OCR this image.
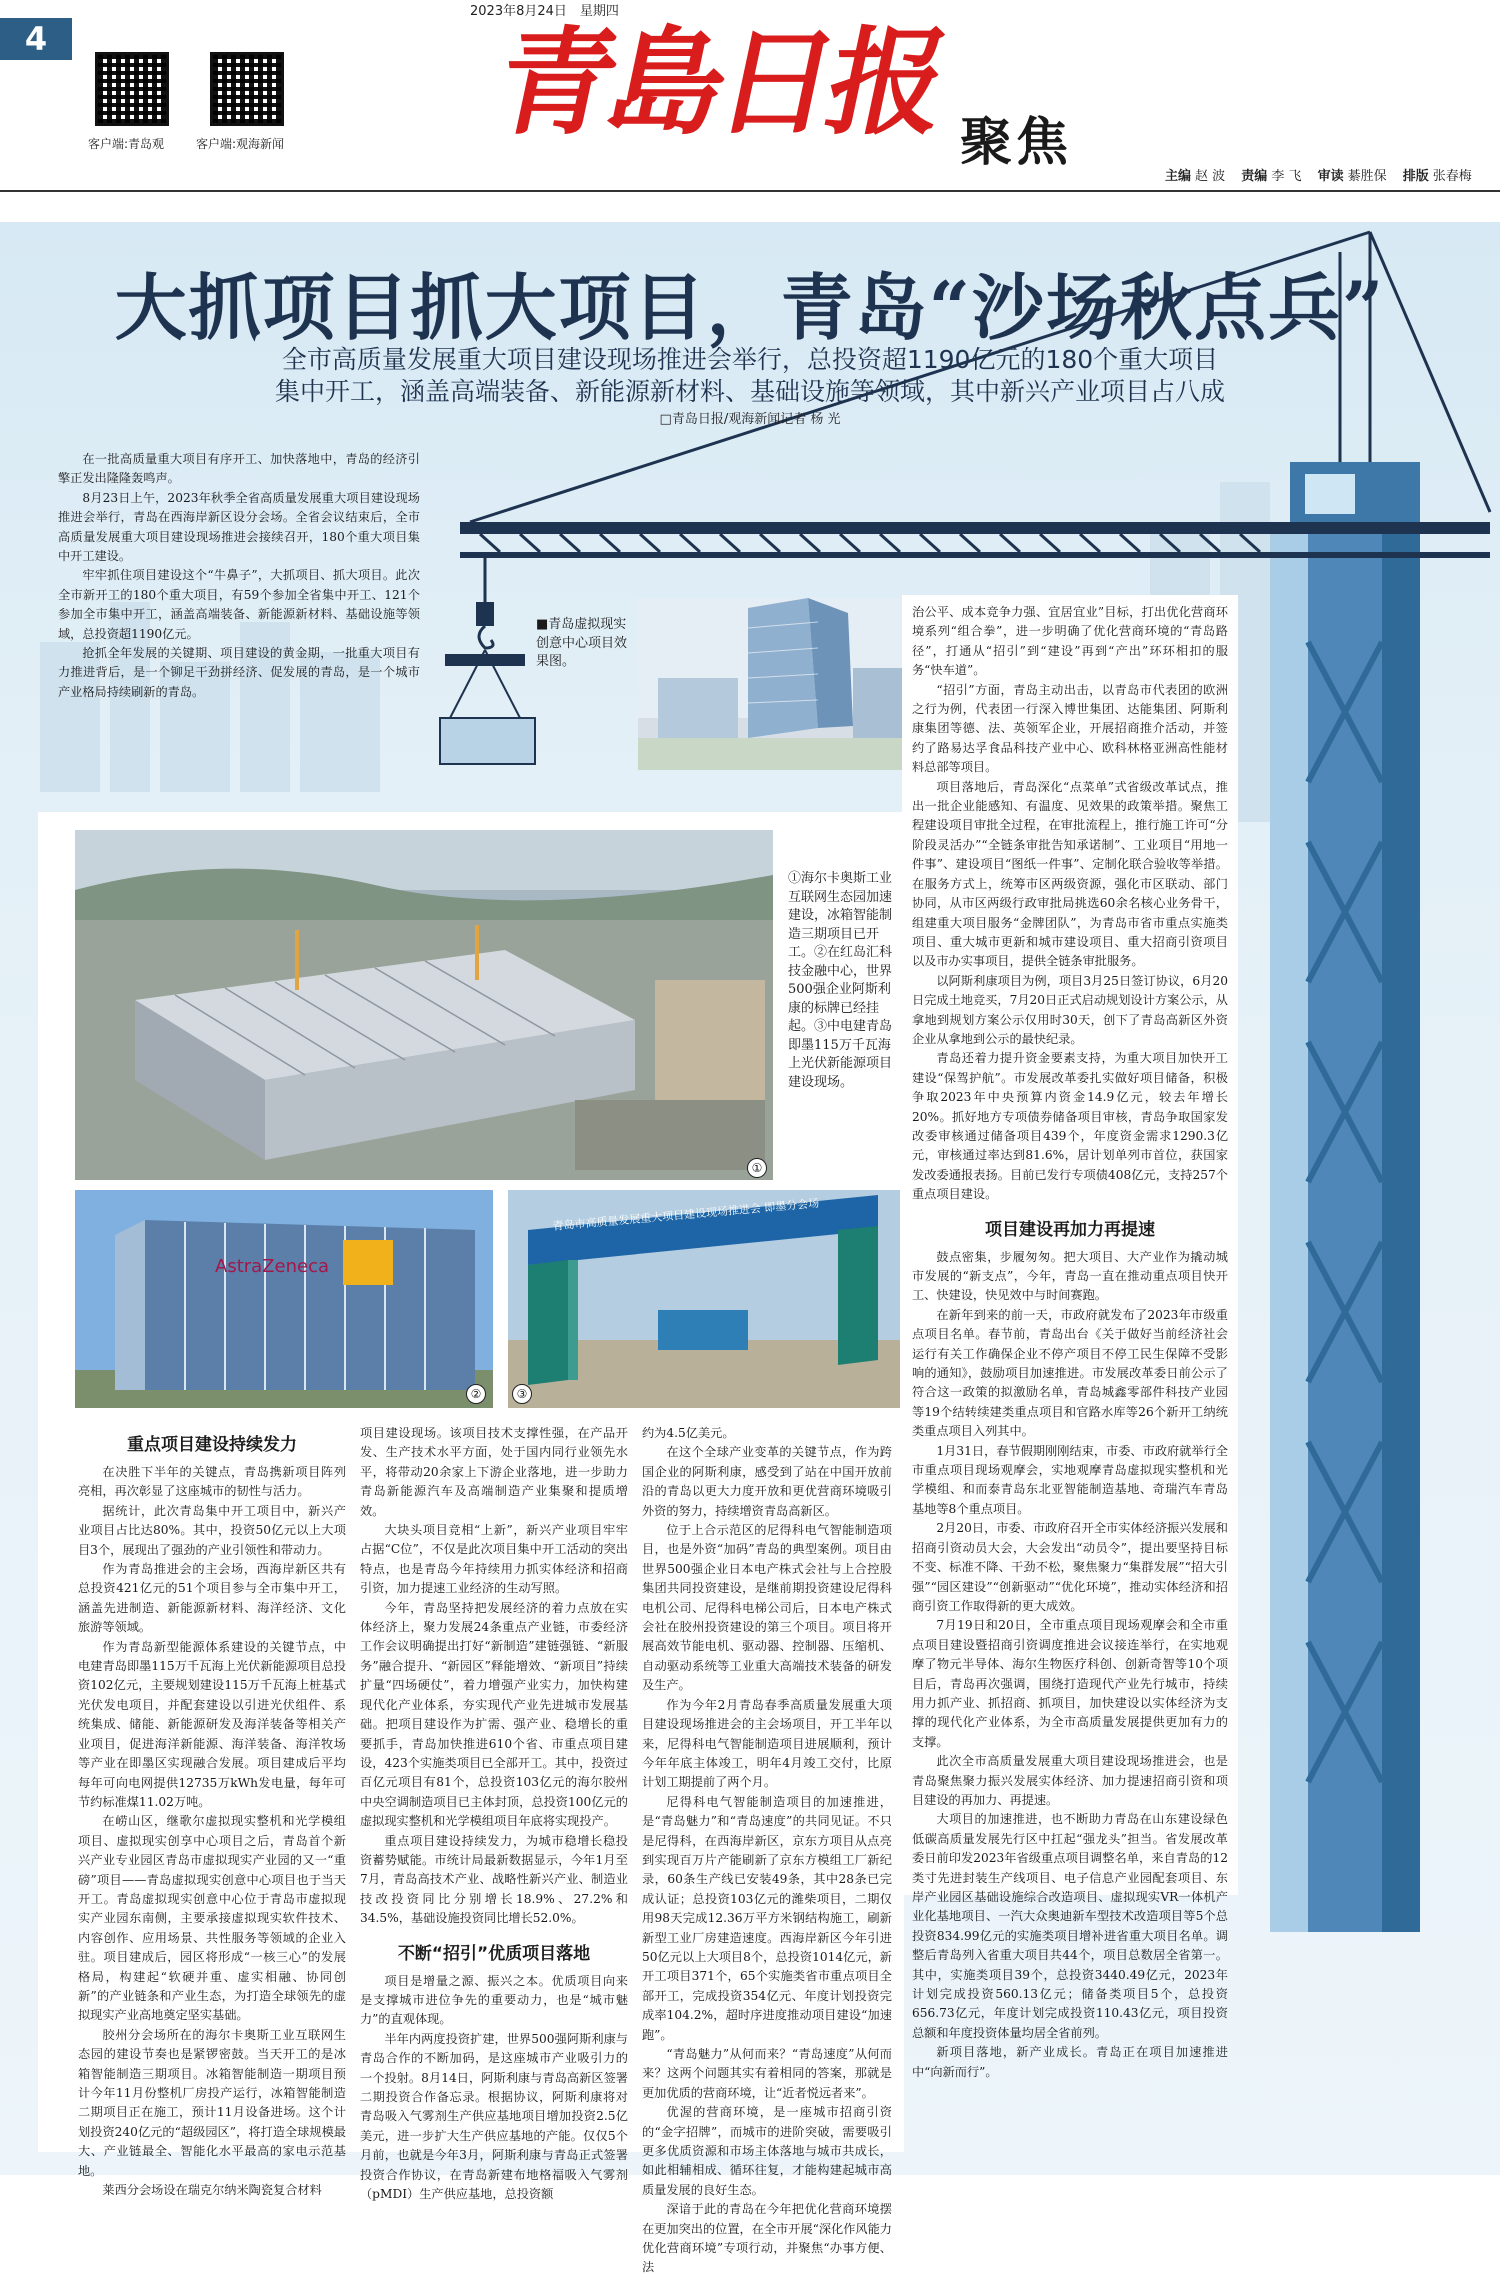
4
2023年8月24日　星期四
客户端:青岛观	客户端:观海新闻 青島日报 聚焦
主编 赵 波 责编 李 飞 审读 綦胜保 排版 张春梅
大抓项目抓大项目，青岛“沙场秋点兵”
全市高质量发展重大项目建设现场推进会举行，总投资超1190亿元的180个重大项目
集中开工，涵盖高端装备、新能源新材料、基础设施等领域，其中新兴产业项目占八成
□青岛日报/观海新闻记者 杨 光

在一批高质量重大项目有序开工、加快落地中，青岛的经济引擎正发出隆隆轰鸣声。

8月23日上午，2023年秋季全省高质量发展重大项目建设现场推进会举行，青岛在西海岸新区设分会场。全省会议结束后，全市高质量发展重大项目建设现场推进会接续召开，180个重大项目集中开工建设。

牢牢抓住项目建设这个“牛鼻子”，大抓项目、抓大项目。此次全市新开工的180个重大项目，有59个参加全省集中开工、121个参加全市集中开工，涵盖高端装备、新能源新材料、基础设施等领域，总投资超1190亿元。

抢抓全年发展的关键期、项目建设的黄金期，一批重大项目有力推进背后，是一个铆足干劲拼经济、促发展的青岛，是一个城市产业格局持续刷新的青岛。

■青岛虚拟现实创意中心项目效果图。

治公平、成本竞争力强、宜居宜业”目标，打出优化营商环境系列“组合拳”，进一步明确了优化营商环境的“青岛路径”，打通从“招引”到“建设”再到“产出”环环相扣的服务“快车道”。

“招引”方面，青岛主动出击，以青岛市代表团的欧洲之行为例，代表团一行深入博世集团、达能集团、阿斯利康集团等德、法、英领军企业，开展招商推介活动，并签约了路易达孚食品科技产业中心、欧科林格亚洲高性能材料总部等项目。

项目落地后，青岛深化“点菜单”式省级改革试点，推出一批企业能感知、有温度、见效果的政策举措。聚焦工程建设项目审批全过程，在审批流程上，推行施工许可“分阶段灵活办”“全链条审批告知承诺制”、工业项目“用地一件事”、建设项目“图纸一件事”、定制化联合验收等举措。在服务方式上，统筹市区两级资源，强化市区联动、部门协同，从市区两级行政审批局挑选60余名核心业务骨干，组建重大项目服务“金牌团队”，为青岛市省市重点实施类项目、重大城市更新和城市建设项目、重大招商引资项目以及市办实事项目，提供全链条审批服务。

以阿斯利康项目为例，项目3月25日签订协议，6月20日完成土地竞买，7月20日正式启动规划设计方案公示，从拿地到规划方案公示仅用时30天，创下了青岛高新区外资企业从拿地到公示的最快纪录。

青岛还着力提升资金要素支持，为重大项目加快开工建设“保驾护航”。市发展改革委扎实做好项目储备，积极争取2023年中央预算内资金14.9亿元，较去年增长20%。抓好地方专项债券储备项目审核，青岛争取国家发改委审核通过储备项目439个，年度资金需求1290.3亿元，审核通过率达到81.6%，居计划单列市首位，获国家发改委通报表扬。目前已发行专项债408亿元，支持257个重点项目建设。

项目建设再加力再提速

鼓点密集，步履匆匆。把大项目、大产业作为撬动城市发展的“新支点”，今年，青岛一直在推动重点项目快开工、快建设，快见效中与时间赛跑。

在新年到来的前一天，市政府就发布了2023年市级重点项目名单。春节前，青岛出台《关于做好当前经济社会运行有关工作确保企业不停产项目不停工民生保障不受影响的通知》，鼓励项目加速推进。市发展改革委日前公示了符合这一政策的拟激励名单，青岛城鑫零部件科技产业园等19个结转续建类重点项目和官路水库等26个新开工纳统类重点项目入列其中。

1月31日，春节假期刚刚结束，市委、市政府就举行全市重点项目现场观摩会，实地观摩青岛虚拟现实整机和光学模组、和而泰青岛东北亚智能制造基地、奇瑞汽车青岛基地等8个重点项目。

2月20日，市委、市政府召开全市实体经济振兴发展和招商引资动员大会，大会发出“动员令”，提出要坚持目标不变、标准不降、干劲不松，聚焦聚力“集群发展”“招大引强”“园区建设”“创新驱动”“优化环境”，推动实体经济和招商引资工作取得新的更大成效。

7月19日和20日，全市重点项目现场观摩会和全市重点项目建设暨招商引资调度推进会议接连举行，在实地观摩了物元半导体、海尔生物医疗科创、创新奇智等10个项目后，青岛再次强调，围绕打造现代产业先行城市，持续用力抓产业、抓招商、抓项目，加快建设以实体经济为支撑的现代化产业体系，为全市高质量发展提供更加有力的支撑。

此次全市高质量发展重大项目建设现场推进会，也是青岛聚焦聚力振兴发展实体经济、加力提速招商引资和项目建设的再加力、再提速。

大项目的加速推进，也不断助力青岛在山东建设绿色低碳高质量发展先行区中扛起“强龙头”担当。省发展改革委日前印发2023年省级重点项目调整名单，来自青岛的12类寸先进封装生产线项目、电子信息产业园配套项目、东岸产业园区基础设施综合改造项目、虚拟现实VR一体机产业化基地项目、一汽大众奥迪新车型技术改造项目等5个总投资834.99亿元的实施类项目增补进省重大项目名单。调整后青岛列入省重大项目共44个，项目总数居全省第一。其中，实施类项目39个，总投资3440.49亿元，2023年计划完成投资560.13亿元；储备类项目5个，总投资656.73亿元，年度计划完成投资110.43亿元，项目投资总额和年度投资体量均居全省前列。

新项目落地，新产业成长。青岛正在项目加速推进中“向新而行”。

①
①海尔卡奥斯工业互联网生态园加速建设，冰箱智能制造三期项目已开工。②在红岛汇科技金融中心，世界500强企业阿斯利康的标牌已经挂起。③中电建青岛即墨115万千瓦海上光伏新能源项目建设现场。
AstraZeneca
②
青岛市高质量发展重大项目建设现场推进会 即墨分会场
③
重点项目建设持续发力

在决胜下半年的关键点，青岛携新项目阵列亮相，再次彰显了这座城市的韧性与活力。

据统计，此次青岛集中开工项目中，新兴产业项目占比达80%。其中，投资50亿元以上大项目3个，展现出了强劲的产业引领性和带动力。

作为青岛推进会的主会场，西海岸新区共有总投资421亿元的51个项目参与全市集中开工，涵盖先进制造、新能源新材料、海洋经济、文化旅游等领域。

作为青岛新型能源体系建设的关键节点，中电建青岛即墨115万千瓦海上光伏新能源项目总投资102亿元，主要规划建设115万千瓦海上桩基式光伏发电项目，并配套建设以引进光伏组件、系统集成、储能、新能源研发及海洋装备等相关产业项目，促进海洋新能源、海洋装备、海洋牧场等产业在即墨区实现融合发展。项目建成后平均每年可向电网提供12735万kWh发电量，每年可节约标准煤11.02万吨。

在崂山区，继歌尔虚拟现实整机和光学模组项目、虚拟现实创享中心项目之后，青岛首个新兴产业专业园区青岛市虚拟现实产业园的又一“重磅”项目——青岛虚拟现实创意中心项目也于当天开工。青岛虚拟现实创意中心位于青岛市虚拟现实产业园东南侧，主要承接虚拟现实软件技术、内容创作、应用场景、共性服务等领域的企业入驻。项目建成后，园区将形成“一核三心”的发展格局，构建起“软硬并重、虚实相融、协同创新”的产业链条和产业生态，为打造全球领先的虚拟现实产业高地奠定坚实基础。

胶州分会场所在的海尔卡奥斯工业互联网生态园的建设节奏也是紧锣密鼓。当天开工的是冰箱智能制造三期项目。冰箱智能制造一期项目预计今年11月份整机厂房投产运行，冰箱智能制造二期项目正在施工，预计11月设备进场。这个计划投资240亿元的“超级园区”，将打造全球规模最大、产业链最全、智能化水平最高的家电示范基地。

莱西分会场设在瑞克尔纳米陶瓷复合材料

项目建设现场。该项目技术支撑性强，在产品开发、生产技术水平方面，处于国内同行业领先水平，将带动20余家上下游企业落地，进一步助力青岛新能源汽车及高端制造产业集聚和提质增效。

大块头项目竞相“上新”，新兴产业项目牢牢占据“C位”，不仅是此次项目集中开工活动的突出特点，也是青岛今年持续用力抓实体经济和招商引资，加力提速工业经济的生动写照。

今年，青岛坚持把发展经济的着力点放在实体经济上，聚力发展24条重点产业链，市委经济工作会议明确提出打好“新制造”建链强链、“新服务”融合提升、“新园区”释能增效、“新项目”持续扩量“四场硬仗”，着力增强产业实力，加快构建现代化产业体系，夯实现代产业先进城市发展基础。把项目建设作为扩需、强产业、稳增长的重要抓手，青岛加快推进610个省、市重点项目建设，423个实施类项目已全部开工。其中，投资过百亿元项目有81个，总投资103亿元的海尔胶州中央空调制造项目已主体封顶，总投资100亿元的虚拟现实整机和光学模组项目年底将实现投产。

重点项目建设持续发力，为城市稳增长稳投资蓄势赋能。市统计局最新数据显示，今年1月至7月，青岛高技术产业、战略性新兴产业、制造业技改投资同比分别增长18.9%、27.2%和34.5%，基础设施投资同比增长52.0%。

不断“招引”优质项目落地

项目是增量之源、振兴之本。优质项目向来是支撑城市进位争先的重要动力，也是“城市魅力”的直观体现。

半年内两度投资扩建，世界500强阿斯利康与青岛合作的不断加码，是这座城市产业吸引力的一个投射。8月14日，阿斯利康与青岛高新区签署二期投资合作备忘录。根据协议，阿斯利康将对青岛吸入气雾剂生产供应基地项目增加投资2.5亿美元，进一步扩大生产供应基地的产能。仅仅5个月前，也就是今年3月，阿斯利康与青岛正式签署投资合作协议，在青岛新建布地格福吸入气雾剂（pMDI）生产供应基地，总投资额

约为4.5亿美元。

在这个全球产业变革的关键节点，作为跨国企业的阿斯利康，感受到了站在中国开放前沿的青岛以更大力度开放和更优营商环境吸引外资的努力，持续增资青岛高新区。

位于上合示范区的尼得科电气智能制造项目，也是外资“加码”青岛的典型案例。项目由世界500强企业日本电产株式会社与上合控股集团共同投资建设，是继前期投资建设尼得科电机公司、尼得科电梯公司后，日本电产株式会社在胶州投资建设的第三个项目。项目将开展高效节能电机、驱动器、控制器、压缩机、自动驱动系统等工业重大高端技术装备的研发及生产。

作为今年2月青岛春季高质量发展重大项目建设现场推进会的主会场项目，开工半年以来，尼得科电气智能制造项目进展顺利，预计今年年底主体竣工，明年4月竣工交付，比原计划工期提前了两个月。

尼得科电气智能制造项目的加速推进，是“青岛魅力”和“青岛速度”的共同见证。不只是尼得科，在西海岸新区，京东方项目从点亮到实现百万片产能刷新了京东方模组工厂新纪录，60条生产线已安装49条，其中28条已完成认证；总投资103亿元的潍柴项目，二期仅用98天完成12.36万平方米钢结构施工，刷新新型工业厂房建造速度。西海岸新区今年引进50亿元以上大项目8个，总投资1014亿元，新开工项目371个，65个实施类省市重点项目全部开工，完成投资354亿元、年度计划投资完成率104.2%，超时序进度推动项目建设“加速跑”。

“青岛魅力”从何而来？“青岛速度”从何而来？这两个问题其实有着相同的答案，那就是更加优质的营商环境，让“近者悦远者来”。

优渥的营商环境，是一座城市招商引资的“金字招牌”，而城市的进阶突破，需要吸引更多优质资源和市场主体落地与城市共成长，如此相辅相成、循环往复，才能构建起城市高质量发展的良好生态。

深谙于此的青岛在今年把优化营商环境摆在更加突出的位置，在全市开展“深化作风能力优化营商环境”专项行动，并聚焦“办事方便、法
